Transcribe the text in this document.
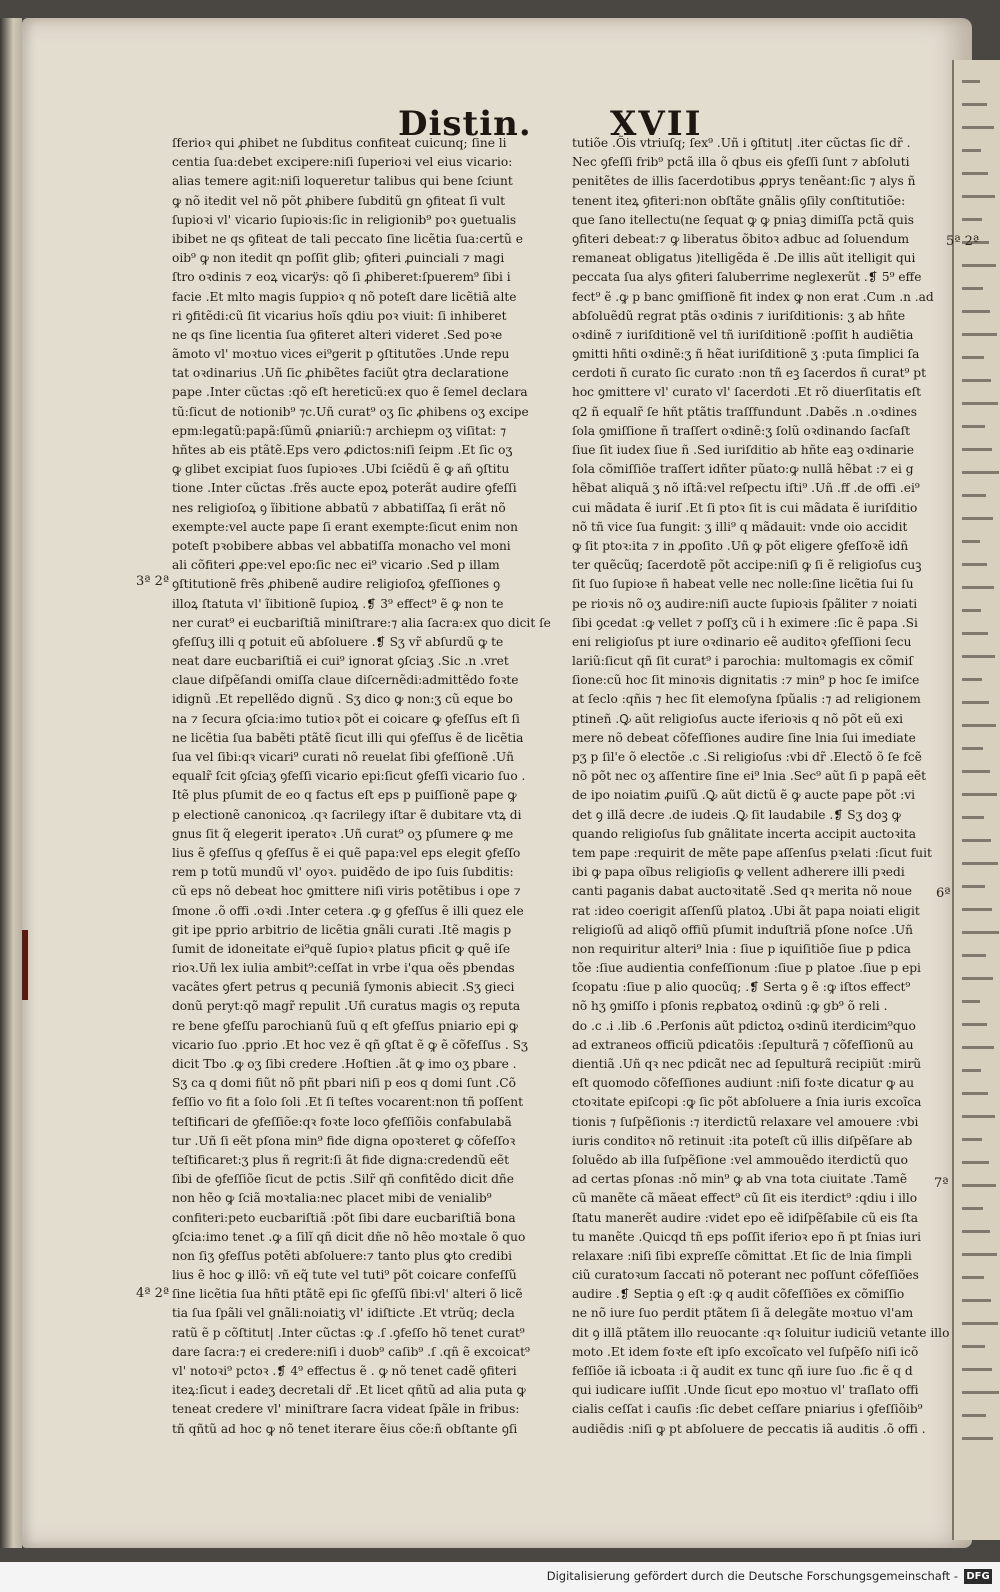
Distin. XVII
3ª 2ª
4ª 2ª
5ª 2ª
6ª
7ª
ſferioꝛ qui ꝓhibet ne ſubditus confiteat cuicunq; ſine li
centia ſua:debet excipere:niſi ſuperioꝛi vel eius vicario:
alias temere agit:niſi loqueretur talibus qui bene ſciunt
ꝙ nõ itedit vel nõ põt ꝓhibere ſubditũ gn ꝯfiteat ſi vult
ſupioꝛi vl' vicario ſupioꝛis:ſic in religionib⁹ poꝛ ꝯuetualis
ibibet ne qs ꝯfiteat de tali peccato ſine licẽtia ſua:certũ e
oib⁹ ꝙ non itedit qn poſſit glib; ꝯfiteri ꝓuinciali ⁊ magi
ſtro oꝛdinis ⁊ eoꝝ vicarÿs: qõ ſi ꝓhiberet:ſpuerem⁹ ſibi i
facie .Et mlto magis ſuppioꝛ q nõ poteſt dare licẽtiã alte
ri ꝯfitẽdi:cũ ſit vicarius hoĩs qdiu poꝛ viuit: ſi inhiberet
ne qs ſine licentia ſua ꝯfiteret alteri videret .Sed poꝛe
ãmoto vl' moꝛtuo vices ei⁹gerit p ꝯſtitutões .Unde repu
tat oꝛdinarius .Uñ ſic ꝓhibẽtes faciũt ꝯtra declaratione
pape .Inter cũctas :qõ eſt hereticũ:ex quo ẽ ſemel declara
tũ:ſicut de notionib⁹ ⁊c.Uñ curat⁹ oʒ ſic ꝓhibens oʒ excipe
epm:legatũ:papã:ſũmũ ꝓniariũ:⁊ archiepm oʒ viſitat: ⁊
hñtes ab eis ptãtẽ.Eps vero ꝓdictos:niſi ſeipm .Et ſic oʒ
ꝙ glibet excipiat ſuos ſupioꝛes .Ubi ſciẽdũ ẽ ꝙ añ ꝯſtitu
tione .Inter cũctas .frẽs aucte epoꝝ poterãt audire ꝯfeſſi
nes religioſoꝝ ꝯ ĩibitione abbatũ ⁊ abbatiſſaꝝ ſi erãt nõ
exempte:vel aucte pape ſi erant exempte:ſicut enim non
poteſt pꝛobibere abbas vel abbatiſſa monacho vel moni
ali cõfiteri ꝓpe:vel epo:ſic nec ei⁹ vicario .Sed p illam
ꝯſtitutionẽ frẽs ꝓhibenẽ audire religioſoꝝ ꝯfeſſiones ꝯ
illoꝝ ſtatuta vl' ĩibitionẽ ſupioꝝ .❡ 3⁹ effect⁹ ẽ ꝙ non te
ner curat⁹ ei eucbariſtiã miniſtrare:⁊ alia ſacra:ex quo dicit ſe
ꝯfeſſuʒ illi q ꝑotuit eũ abſoluere .❡ Sʒ vr̃ abſurdũ ꝙ te
neat dare eucbariſtiã ei cui⁹ ignorat ꝯſciaʒ .Sic .n .vret
claue diſpẽſandi omiſſa claue diſcernẽdi:admittẽdo foꝛte
idignũ .Et repellẽdo dignũ . Sʒ dico ꝙ non:ʒ cũ eque bo
na ⁊ ſecura ꝯſcia:imo tutioꝛ põt ei coicare ꝙ ꝯfeſſus eſt ſi
ne licẽtia ſua babẽti ptãtẽ ſicut illi qui ꝯfeſſus ẽ de licẽtia
ſua vel ſibi:qꝛ vicari⁹ curati nõ reuelat ſibi ꝯfeſſionẽ .Uñ
equalr̃ ſcit ꝯſciaʒ ꝯfeſſi vicario epi:ſicut ꝯfeſſi vicario ſuo .
Itẽ plus pſumit de eo q factus eſt eps p puiſſionẽ pape ꝙ
p electionẽ canonicoꝝ .qꝛ ſacrilegy iſtar ẽ dubitare vtꝝ di
gnus ſit q̃ elegerit iperatoꝛ .Uñ curat⁹ oʒ pſumere ꝙ me
lius ẽ ꝯfeſſus q ꝯfeſſus ẽ ei quẽ papa:vel eps elegit ꝯfeſſo
rem p totũ mundũ vl' oyoꝛ. puidẽdo de ipo ſuis ſubditis:
cũ eps nõ debeat hoc ꝯmittere niſi viris potẽtibus i ope ⁊
ſmone .õ offi .oꝛdi .Inter cetera .ꝙ g ꝯfeſſus ẽ illi quez ele
git ipe pprio arbitrio de licẽtia gnãli curati .Itẽ magis p
ſumit de idoneitate ei⁹quẽ ſupioꝛ platus pficit ꝙ quẽ iſe
rioꝛ.Uñ lex iulia ambit⁹:ceſſat in vrbe i'qua oẽs pbendas
vacãtes ꝯfert petrus q pecuniã ſymonis abiecit .Sʒ gieci
donũ peryt:qõ magr̃ repulit .Uñ curatus magis oʒ reputa
re bene ꝯfeſſu parochianũ ſuũ q eſt ꝯfeſſus pniario epi ꝙ
vicario ſuo .pprio .Et hoc vez ẽ qñ ꝯſtat ẽ ꝙ ẽ cõfeſſus . Sʒ
dicit Tbo .ꝙ oʒ ſibi credere .Hoſtien .ãt ꝙ imo oʒ pbare .
Sʒ ca q domi fiũt nõ pñt pbari niſi p eos q domi ſunt .Cõ
feſſio vo fit a ſolo ſoli .Et ſi teſtes vocarent:non tñ poſſent
teſtificari de ꝯfeſſiõe:qꝛ foꝛte loco ꝯfeſſiõis confabulabã
tur .Uñ ſi eẽt pſona min⁹ fide digna opoꝛteret ꝙ cõfeſſoꝛ
teſtificaret:ʒ plus ñ regrit:ſi ãt fide digna:credendũ eẽt
ſibi de ꝯfeſſiõe ſicut de pctis .Silr̃ qñ confitẽdo dicit dñe
non hẽo ꝙ ſciã moꝛtalia:nec placet mibi de venialib⁹
confiteri:peto eucbariſtiã :põt ſibi dare eucbariſtiã bona
ꝯſcia:imo tenet .ꝙ a ſilĩ qñ dicit dñe nõ hẽo moꝛtale õ quo
non ſiʒ ꝯfeſſus potẽti abſoluere:⁊ tanto plus ꝙto credibi
lius ẽ hoc ꝙ illõ: vñ eq̃ tute vel tuti⁹ põt coicare confeſſũ
ſine licẽtia ſua hñti ptãtẽ epi ſic ꝯfeſſũ ſibi:vl' alteri õ licẽ
tia ſua ſpãli vel gnãli:noiatiʒ vl' idiſticte .Et vtrũq; decla
ratũ ẽ p cõſtitut| .Inter cũctas :ꝙ .ſ .ꝯfeſſo hõ tenet curat⁹
dare ſacra:⁊ ei credere:niſi i duob⁹ caſib⁹ .ſ .qñ ẽ excoicat⁹
vl' notoꝛi⁹ pctoꝛ .❡ 4⁹ effectus ẽ . ꝙ nõ tenet cadẽ ꝯfiteri
iteꝝ:ſicut i eadeʒ decretali dr̃ .Et licet qñtũ ad alia puta ꝙ
teneat credere vl' miniſtrare ſacra videat ſpãle in fribus:
tñ qñtũ ad hoc ꝙ nõ tenet iterare ẽius cõe:ñ obſtante ꝯſi
tutiõe .Õis vtriuſq; ſex⁹ .Uñ i ꝯſtitut| .iter cũctas ſic dr̃ .
Nec ꝯfeſſi frib⁹ pctã illa õ qbus eis ꝯfeſſi ſunt ⁊ abſoluti
penitẽtes de illis ſacerdotibus ꝓprys tenẽant:ſic ⁊ alys ñ
tenent iteꝝ ꝯfiteri:non obſtãte gnãlis ꝯſily conſtitutiõe:
que ſano itellectu(ne ſequat ꝙ ꝙ pniaꝫ dimiſſa pctã quis
ꝯfiteri debeat:⁊ ꝙ liberatus õbitoꝛ adbuc ad ſoluendum
remaneat obligatus )itelligẽda ẽ .De illis aũt itelligit qui
peccata ſua alys ꝯfiteri ſaluberrime neglexerũt .❡ 5⁹ effe
fect⁹ ẽ .ꝙ p banc ꝯmiſſionẽ fit index ꝙ non erat .Cum .n .ad
abſoluẽdũ regrat ptãs oꝛdinis ⁊ iuriſditionis: ʒ ab hñte
oꝛdinẽ ⁊ iuriſditionẽ vel tñ iuriſditionẽ :poſſit h audiẽtia
ꝯmitti hñti oꝛdinẽ:ʒ ñ hẽat iuriſditionẽ ʒ :puta ſimplici ſa
cerdoti ñ curato ſic curato :non tñ eꝫ ſacerdos ñ curat⁹ pt
hoc ꝯmittere vl' curato vl' ſacerdoti .Et rõ diuerſitatis eſt
q2 ñ equalr̃ ſe hñt ptãtis traſſfundunt .Dabẽs .n .oꝛdines
ſola ꝯmiſſione ñ traſſert oꝛdinẽ:ʒ ſolũ oꝛdinando ſacſaſt
ſiue ſit iudex ſiue ñ .Sed iuriſditio ab hñte eaꝫ oꝛdinarie
ſola cõmiſſiõe traſſert idñter pũato:ꝙ nullã hẽbat :⁊ ei g
hẽbat aliquã ʒ nõ iſtã:vel reſpectu iſti⁹ .Uñ .ff .de offi .ei⁹
cui mãdata ẽ iuriſ .Et ſi ptoꝛ ſit is cui mãdata ẽ iuriſditio
nõ tñ vice ſua fungit: ʒ illi⁹ q mãdauit: vnde oio accidit
ꝙ ſit ptoꝛ:ita ⁊ in ꝓpoſito .Uñ ꝙ põt eligere ꝯfeſſoꝛẽ idñ
ter quẽcũq; ſacerdotẽ põt accipe:niſi ꝙ ſi ẽ religioſus cuꝫ
ſit ſuo ſupioꝛe ñ habeat velle nec nolle:ſine licẽtia ſui ſu
pe rioꝛis nõ oʒ audire:niſi aucte ſupioꝛis ſpãliter ⁊ noiati
ſibi ꝯcedat :ꝙ vellet ⁊ poſſʒ cũ i h eximere :ſic ẽ papa .Si
eni religioſus pt iure oꝛdinario eẽ auditoꝛ ꝯfeſſioni ſecu
lariũ:ſicut qñ ſit curat⁹ i parochia: multomagis ex cõmiſ
ſione:cũ hoc ſit minoꝛis dignitatis :⁊ min⁹ p hoc ſe imiſce
at ſeclo :qñis ⁊ hec ſit elemoſyna ſpũalis :⁊ ad religionem
ptineñ .Ꝙ aũt religioſus aucte iferioꝛis q nõ põt eũ exi
mere nõ debeat cõfeſſiones audire ſine lnia ſui imediate
pʒ p ſil'e õ electõe .c .Si religioſus :vbi dr̃ .Electõ õ ſe fcẽ
nõ põt nec oʒ aſſentire ſine ei⁹ lnia .Sec⁹ aũt ſi p papã eẽt
de ipo noiatim ꝓuiſũ .Ꝙ aũt dictũ ẽ ꝙ aucte pape põt :vi
det ꝯ illã decre .de iudeis .Ꝙ ſit laudabile .❡ Sʒ doꝫ ꝙ
quando religioſus ſub gnãlitate incerta accipit auctoꝛita
tem pape :requirit de mẽte pape aſſenſus pꝛelati :ſicut fuit
ibi ꝙ papa oĩbus religioſis ꝙ vellent adherere illi pꝛedi
canti paganis dabat auctoꝛitatẽ .Sed qꝛ merita nõ noue
rat :ideo coerigit aſſenſũ platoꝝ .Ubi ãt papa noiati eligit
religioſũ ad aliqõ offiũ pſumit induſtriã pſone noſce .Uñ
non requiritur alteri⁹ lnia : ſiue p iquiſitiõe ſiue p pdica
tõe :ſiue audientia confeſſionum :ſiue p platoe .ſiue p epi
ſcopatu :ſiue p alio quocũq; .❡ Serta ꝯ ẽ :ꝙ iſtos effect⁹
nõ hʒ ꝯmiſſo i pſonis reꝓbatoꝝ oꝛdinũ :ꝙ gb⁹ õ reli .
do .c .i .lib .6 .Perſonis aũt pdictoꝝ oꝛdinũ iterdicim⁹quo
ad extraneos officiũ pdicatõis :ſepulturã ⁊ cõfeſſionũ au
dientiã .Uñ qꝛ nec pdicãt nec ad ſepulturã recipiũt :mirũ
eſt quomodo cõfeſſiones audiunt :niſi foꝛte dicatur ꝙ au
ctoꝛitate epiſcopi :ꝙ ſic põt abſoluere a ſnia iuris excoĩca
tionis ⁊ ſuſpẽſionis :⁊ iterdictũ relaxare vel amouere :vbi
iuris conditoꝛ nõ retinuit :ita poteſt cũ illis diſpẽſare ab
ſoluẽdo ab illa ſuſpẽſione :vel ammouẽdo iterdictũ quo
ad certas pſonas :nõ min⁹ ꝙ ab vna tota ciuitate .Tamẽ
cũ manẽte cã mãeat effect⁹ cũ ſit eis iterdict⁹ :qdiu i illo
ſtatu manerẽt audire :videt epo eẽ idiſpẽſabile cũ eis ſta
tu manẽte .Quicqd tñ eps poſſit iferioꝛ epo ñ pt ſnias iuri
relaxare :niſi ſibi expreſſe cõmittat .Et ſic de lnia ſimpli
ciũ curatoꝛum ſaccati nõ poterant nec poſſunt cõfeſſiões
audire .❡ Septia ꝯ eſt :ꝙ q audit cõfeſſiões ex cõmiſſio
ne nõ iure ſuo perdit ptãtem ſi ã delegãte moꝛtuo vl'am
dit ꝯ illã ptãtem illo reuocante :qꝛ ſoluitur iudiciũ vetante illo
moto .Et idem foꝛte eſt ipſo excoĩcato vel ſuſpẽſo niſi icõ
feſſiõe iã icboata :i q̃ audit ex tunc qñ iure ſuo .fic ẽ q d
qui iudicare iuſſit .Unde ſicut epo moꝛtuo vl' traſlato offi
cialis ceſſat i cauſis :ſic debet ceſſare pniarius i ꝯfeſſiõib⁹
audiẽdis :niſi ꝙ pt abſoluere de peccatis iã auditis .õ offi .
Digitalisierung gefördert durch die Deutsche Forschungsgemeinschaft - DFG
